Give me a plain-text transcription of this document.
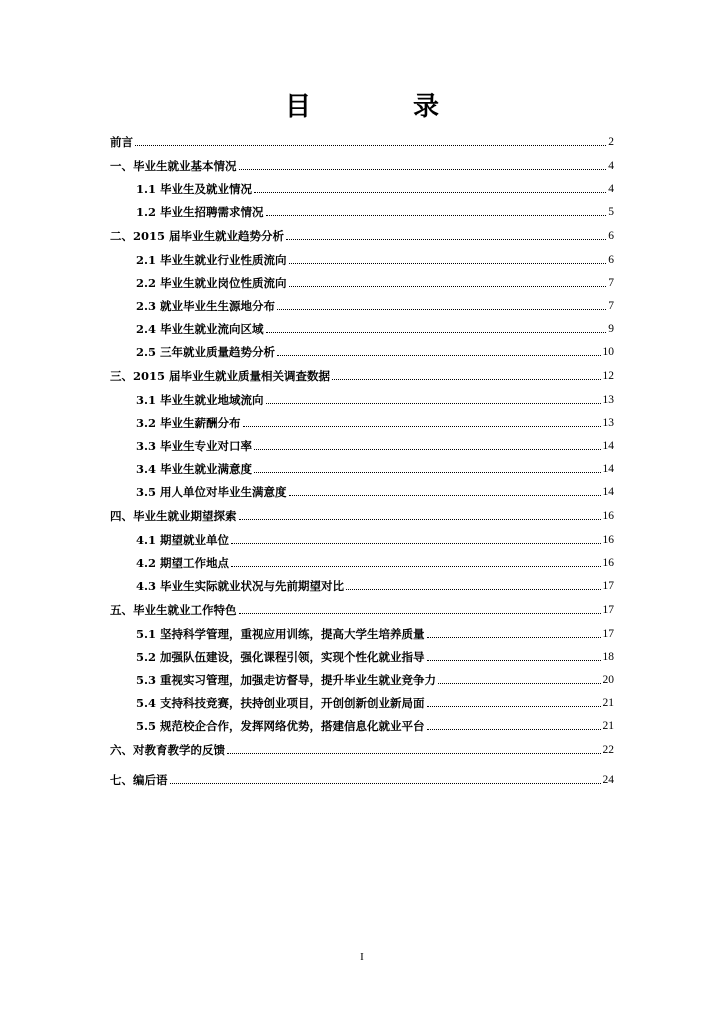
目　录
前言	2
一、毕业生就业基本情况	4
1.1 毕业生及就业情况	4
1.2 毕业生招聘需求情况	5
二、2015 届毕业生就业趋势分析	6
2.1 毕业生就业行业性质流向	6
2.2 毕业生就业岗位性质流向	7
2.3 就业毕业生生源地分布	7
2.4 毕业生就业流向区域	9
2.5 三年就业质量趋势分析	10
三、2015 届毕业生就业质量相关调查数据	12
3.1 毕业生就业地域流向	13
3.2 毕业生薪酬分布	13
3.3 毕业生专业对口率	14
3.4 毕业生就业满意度	14
3.5 用人单位对毕业生满意度	14
四、毕业生就业期望探索	16
4.1 期望就业单位	16
4.2 期望工作地点	16
4.3 毕业生实际就业状况与先前期望对比	17
五、毕业生就业工作特色	17
5.1 坚持科学管理，重视应用训练，提高大学生培养质量	17
5.2 加强队伍建设，强化课程引领，实现个性化就业指导	18
5.3 重视实习管理，加强走访督导，提升毕业生就业竞争力	20
5.4 支持科技竞赛，扶持创业项目，开创创新创业新局面	21
5.5 规范校企合作，发挥网络优势，搭建信息化就业平台	21
六、对教育教学的反馈	22
七、编后语	24
I
